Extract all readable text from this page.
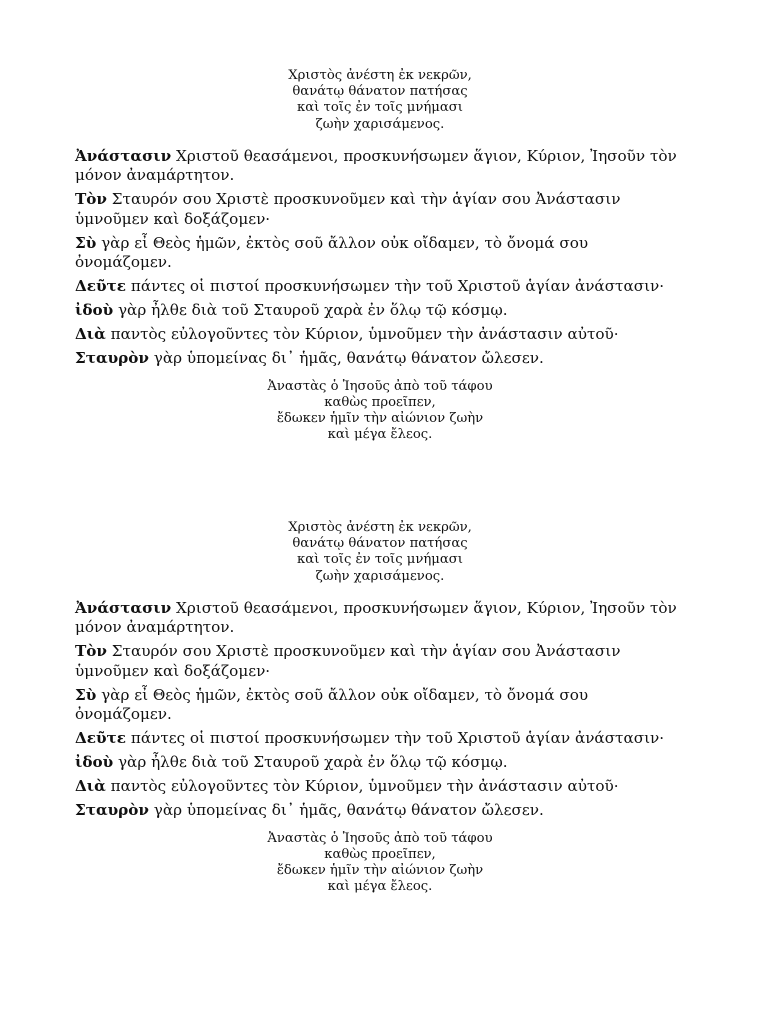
Χριστὸς ἀνέστη ἐκ νεκρῶν,
θανάτῳ θάνατον πατήσας
καὶ τοῖς ἐν τοῖς μνήμασι
ζωὴν χαρισάμενος.

Ἀνάστασιν Χριστοῦ θεασάμενοι, προσκυνήσωμεν ἅγιον, Κύριον, Ἰησοῦν τὸν μόνον ἀναμάρτητον.

Τὸν Σταυρόν σου Χριστὲ προσκυνοῦμεν καὶ τὴν ἁγίαν σου Ἀνάστασιν ὑμνοῦμεν καὶ δοξάζομεν·

Σὺ γὰρ εἶ Θεὸς ἡμῶν, ἐκτὸς σοῦ ἄλλον οὐκ οἴδαμεν, τὸ ὄνομά σου ὀνομάζομεν.

Δεῦτε πάντες οἱ πιστοί προσκυνήσωμεν τὴν τοῦ Χριστοῦ ἁγίαν ἀνάστασιν·

ἰδοὺ γὰρ ἦλθε διὰ τοῦ Σταυροῦ χαρὰ ἐν ὅλῳ τῷ κόσμῳ.

Διὰ παντὸς εὐλογοῦντες τὸν Κύριον, ὑμνοῦμεν τὴν ἀνάστασιν αὐτοῦ·

Σταυρὸν γὰρ ὑπομείνας δι᾽ ἡμᾶς, θανάτῳ θάνατον ὤλεσεν.

Ἀναστὰς ὁ Ἰησοῦς ἀπὸ τοῦ τάφου
καθὼς προεῖπεν,
ἔδωκεν ἡμῖν τὴν αἰώνιον ζωὴν
καὶ μέγα ἔλεος.
Χριστὸς ἀνέστη ἐκ νεκρῶν,
θανάτῳ θάνατον πατήσας
καὶ τοῖς ἐν τοῖς μνήμασι
ζωὴν χαρισάμενος.

Ἀνάστασιν Χριστοῦ θεασάμενοι, προσκυνήσωμεν ἅγιον, Κύριον, Ἰησοῦν τὸν μόνον ἀναμάρτητον.

Τὸν Σταυρόν σου Χριστὲ προσκυνοῦμεν καὶ τὴν ἁγίαν σου Ἀνάστασιν ὑμνοῦμεν καὶ δοξάζομεν·

Σὺ γὰρ εἶ Θεὸς ἡμῶν, ἐκτὸς σοῦ ἄλλον οὐκ οἴδαμεν, τὸ ὄνομά σου ὀνομάζομεν.

Δεῦτε πάντες οἱ πιστοί προσκυνήσωμεν τὴν τοῦ Χριστοῦ ἁγίαν ἀνάστασιν·

ἰδοὺ γὰρ ἦλθε διὰ τοῦ Σταυροῦ χαρὰ ἐν ὅλῳ τῷ κόσμῳ.

Διὰ παντὸς εὐλογοῦντες τὸν Κύριον, ὑμνοῦμεν τὴν ἀνάστασιν αὐτοῦ·

Σταυρὸν γὰρ ὑπομείνας δι᾽ ἡμᾶς, θανάτῳ θάνατον ὤλεσεν.

Ἀναστὰς ὁ Ἰησοῦς ἀπὸ τοῦ τάφου
καθὼς προεῖπεν,
ἔδωκεν ἡμῖν τὴν αἰώνιον ζωὴν
καὶ μέγα ἔλεος.
